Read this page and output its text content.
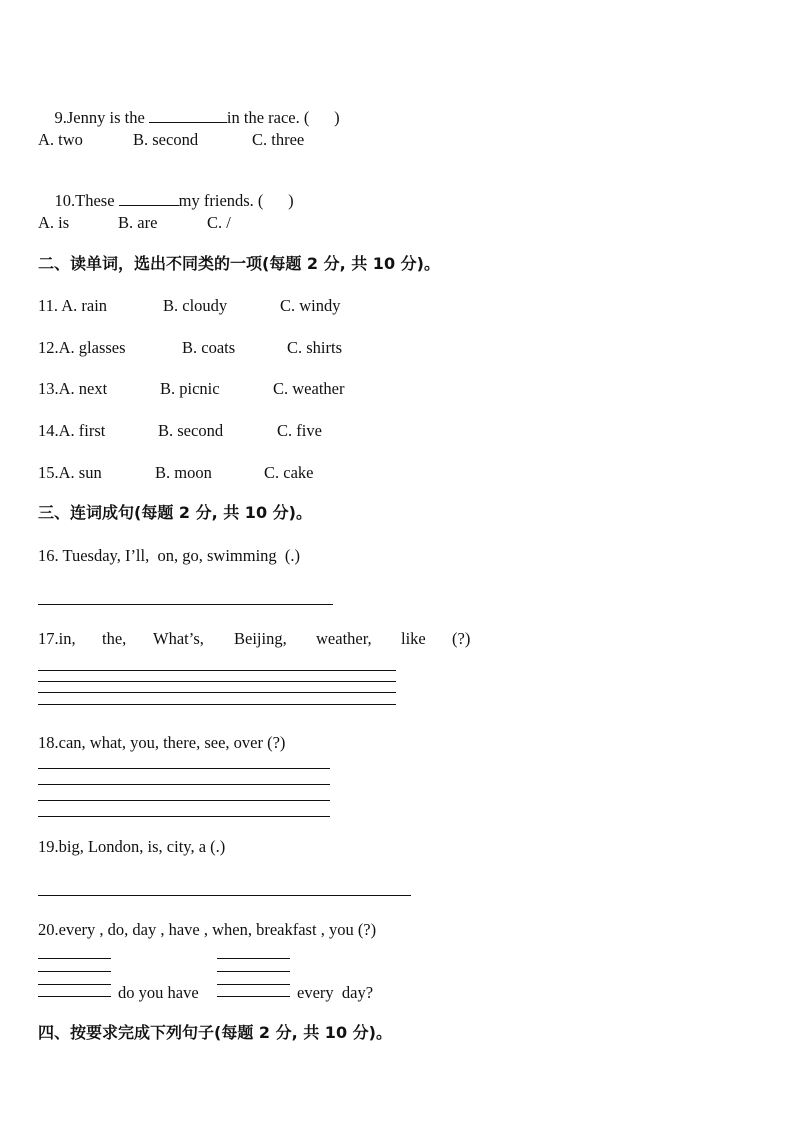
9.Jenny is the	in the race. (      )

A. two	B. second	C. three

10.These	my friends. (      )

A. is	B. are	C. /
二、读单词，选出不同类的一项(每题 2 分, 共 10 分)。
11. A. rain	B. cloudy	C. windy
12.A. glasses	B. coats	C. shirts
13.A. next	B. picnic	C. weather
14.A. first	B. second	C. five
15.A. sun	B. moon	C. cake
三、连词成句(每题 2 分, 共 10 分)。
16. Tuesday, I’ll,  on, go, swimming  (.)
17.in, the, What’s, Beijing, weather, like (?)
18.can, what, you, there, see, over (?)
19.big, London, is, city, a (.)
20.every , do, day , have , when, breakfast , you (?)
do you have	every  day?
四、按要求完成下列句子(每题 2 分, 共 10 分)。
